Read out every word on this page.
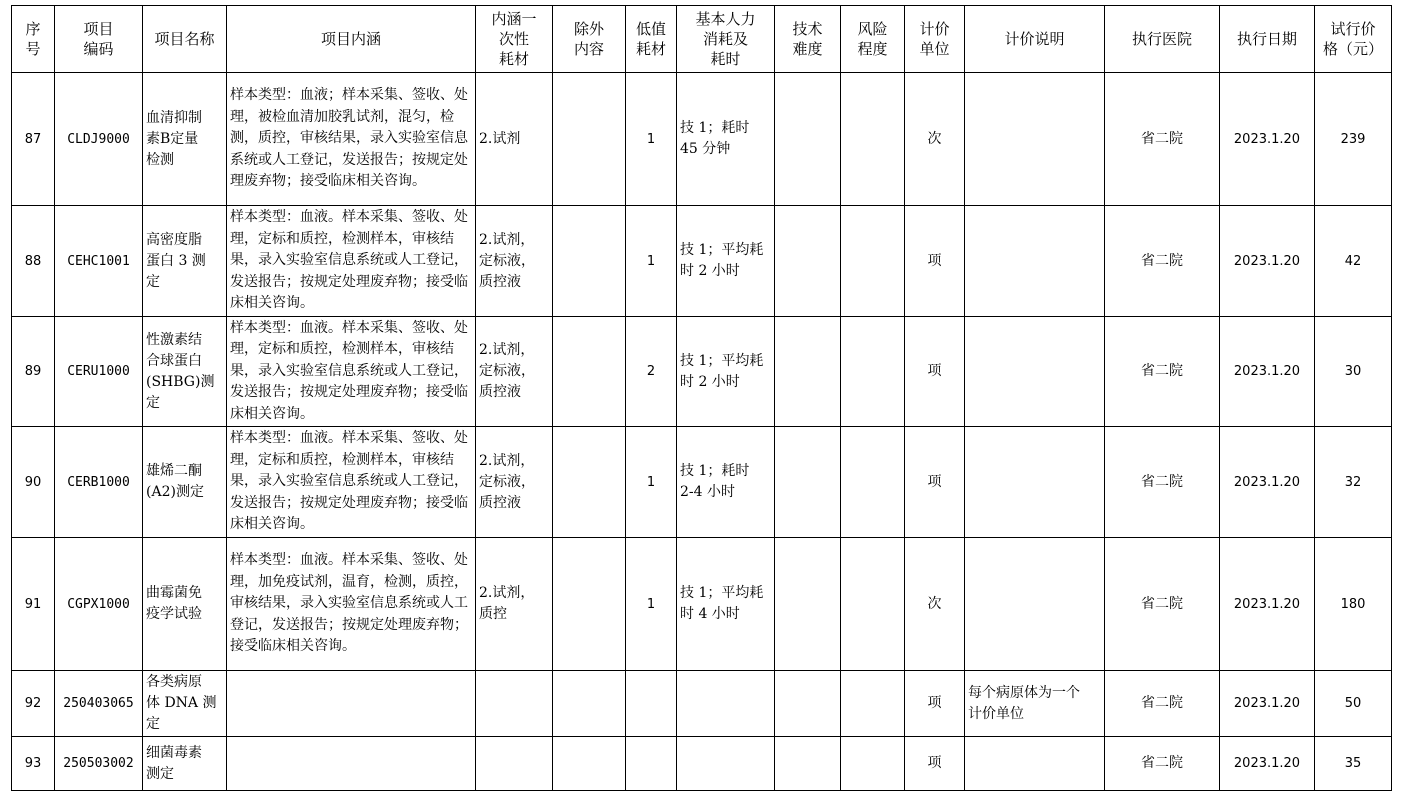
序
号	项目
编码	项目名称	项目内涵	内涵一
次性
耗材	除外
内容	低值
耗材	基本人力
消耗及
耗时	技术
难度	风险
程度	计价
单位	计价说明	执行医院	执行日期	试行价
格（元）
87	CLDJ9000	血清抑制
素B定量
检测	样本类型：血液；样本采集、签收、处理，被检血清加胶乳试剂，混匀，检测，质控，审核结果，录入实验室信息系统或人工登记，发送报告；按规定处理废弃物；接受临床相关咨询。	2.试剂		1	技 1；耗时
45 分钟			次		省二院	2023.1.20	239
88	CEHC1001	高密度脂
蛋白 3 测
定	样本类型：血液。样本采集、签收、处理，定标和质控，检测样本，审核结果，录入实验室信息系统或人工登记，发送报告；按规定处理废弃物；接受临床相关咨询。	2.试剂，
定标液，
质控液		1	技 1；平均耗
时 2 小时			项		省二院	2023.1.20	42
89	CERU1000	性激素结
合球蛋白
(SHBG)测
定	样本类型：血液。样本采集、签收、处理，定标和质控，检测样本，审核结果，录入实验室信息系统或人工登记，发送报告；按规定处理废弃物；接受临床相关咨询。	2.试剂，
定标液，
质控液		2	技 1；平均耗
时 2 小时			项		省二院	2023.1.20	30
90	CERB1000	雄烯二酮
(A2)测定	样本类型：血液。样本采集、签收、处理，定标和质控，检测样本，审核结果，录入实验室信息系统或人工登记，发送报告；按规定处理废弃物；接受临床相关咨询。	2.试剂，
定标液，
质控液		1	技 1；耗时
2-4 小时			项		省二院	2023.1.20	32
91	CGPX1000	曲霉菌免
疫学试验	样本类型：血液。样本采集、签收、处理，加免疫试剂，温育，检测，质控，审核结果，录入实验室信息系统或人工登记，发送报告；按规定处理废弃物；接受临床相关咨询。	2.试剂，
质控		1	技 1；平均耗
时 4 小时			次		省二院	2023.1.20	180
92	250403065	各类病原
体 DNA 测
定								项	每个病原体为一个
计价单位	省二院	2023.1.20	50
93	250503002	细菌毒素
测定								项		省二院	2023.1.20	35
